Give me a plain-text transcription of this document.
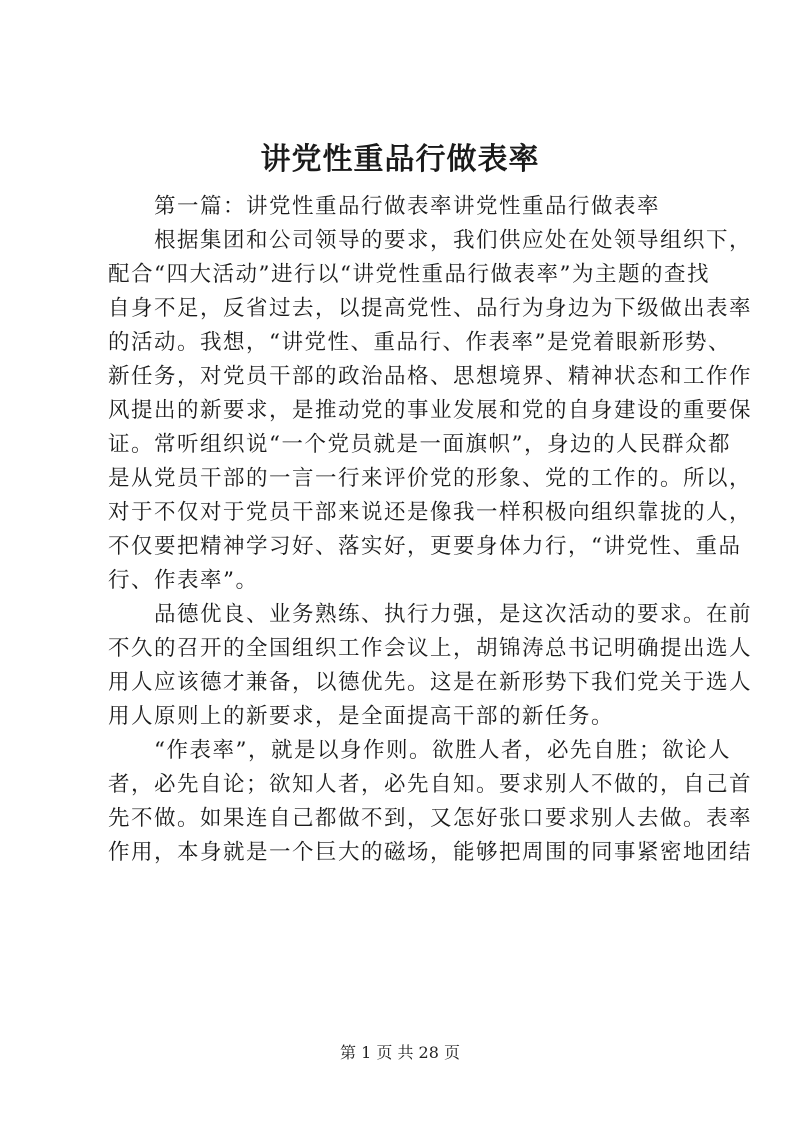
讲党性重品行做表率
　　第一篇：讲党性重品行做表率讲党性重品行做表率
　　根据集团和公司领导的要求，我们供应处在处领导组织下，
配合“四大活动”进行以“讲党性重品行做表率”为主题的查找
自身不足，反省过去，以提高党性、品行为身边为下级做出表率
的活动。我想，“讲党性、重品行、作表率”是党着眼新形势、
新任务，对党员干部的政治品格、思想境界、精神状态和工作作
风提出的新要求，是推动党的事业发展和党的自身建设的重要保
证。常听组织说“一个党员就是一面旗帜”，身边的人民群众都
是从党员干部的一言一行来评价党的形象、党的工作的。所以，
对于不仅对于党员干部来说还是像我一样积极向组织靠拢的人，
不仅要把精神学习好、落实好，更要身体力行，“讲党性、重品
行、作表率”。
　　品德优良、业务熟练、执行力强，是这次活动的要求。在前
不久的召开的全国组织工作会议上，胡锦涛总书记明确提出选人
用人应该德才兼备，以德优先。这是在新形势下我们党关于选人
用人原则上的新要求，是全面提高干部的新任务。
　　“作表率”，就是以身作则。欲胜人者，必先自胜；欲论人
者，必先自论；欲知人者，必先自知。要求别人不做的，自己首
先不做。如果连自己都做不到，又怎好张口要求别人去做。表率
作用，本身就是一个巨大的磁场，能够把周围的同事紧密地团结
第 1 页 共 28 页
